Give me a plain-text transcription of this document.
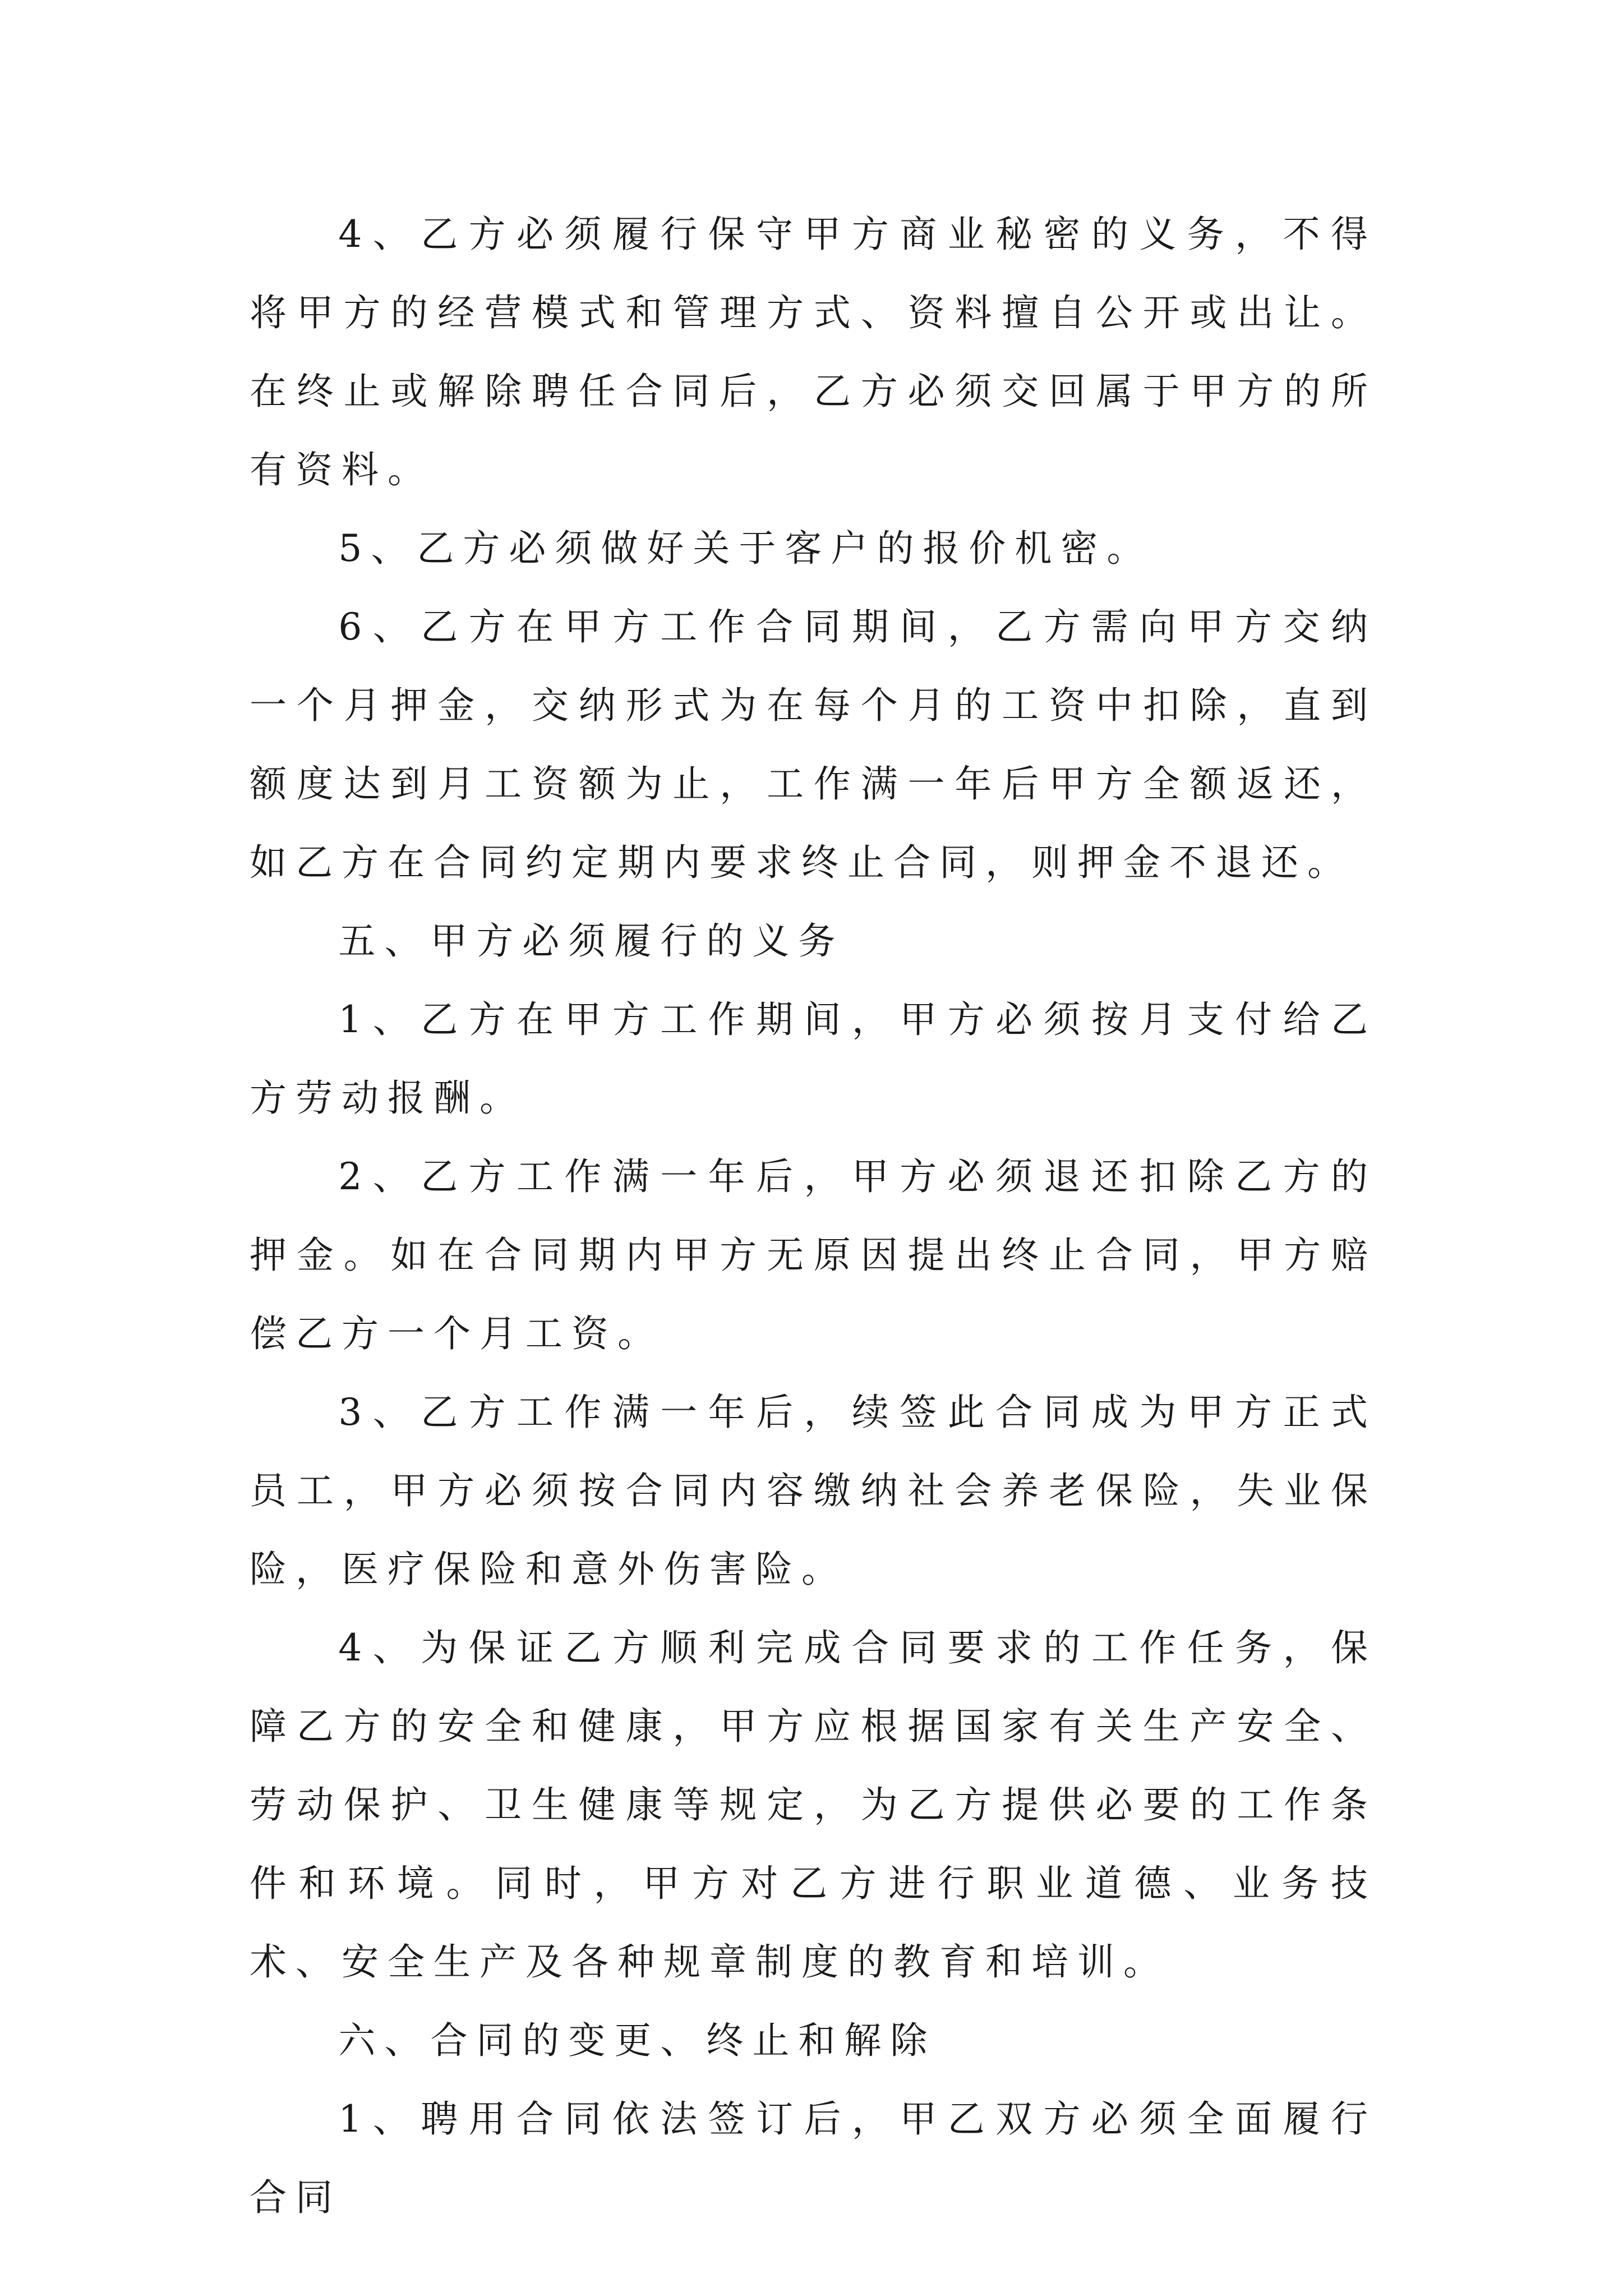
4、乙方必须履行保守甲方商业秘密的义务，不得将甲方的经营模式和管理方式、资料擅自公开或出让。在终止或解除聘任合同后，乙方必须交回属于甲方的所有资料。

5、乙方必须做好关于客户的报价机密。

6、乙方在甲方工作合同期间，乙方需向甲方交纳一个月押金，交纳形式为在每个月的工资中扣除，直到额度达到月工资额为止，工作满一年后甲方全额返还，如乙方在合同约定期内要求终止合同，则押金不退还。

五、甲方必须履行的义务

1、乙方在甲方工作期间，甲方必须按月支付给乙方劳动报酬。

2、乙方工作满一年后，甲方必须退还扣除乙方的押金。如在合同期内甲方无原因提出终止合同，甲方赔偿乙方一个月工资。

3、乙方工作满一年后，续签此合同成为甲方正式员工，甲方必须按合同内容缴纳社会养老保险，失业保险，医疗保险和意外伤害险。

4、为保证乙方顺利完成合同要求的工作任务，保障乙方的安全和健康，甲方应根据国家有关生产安全、劳动保护、卫生健康等规定，为乙方提供必要的工作条件和环境。同时，甲方对乙方进行职业道德、业务技术、安全生产及各种规章制度的教育和培训。

六、合同的变更、终止和解除

1、聘用合同依法签订后，甲乙双方必须全面履行合同
